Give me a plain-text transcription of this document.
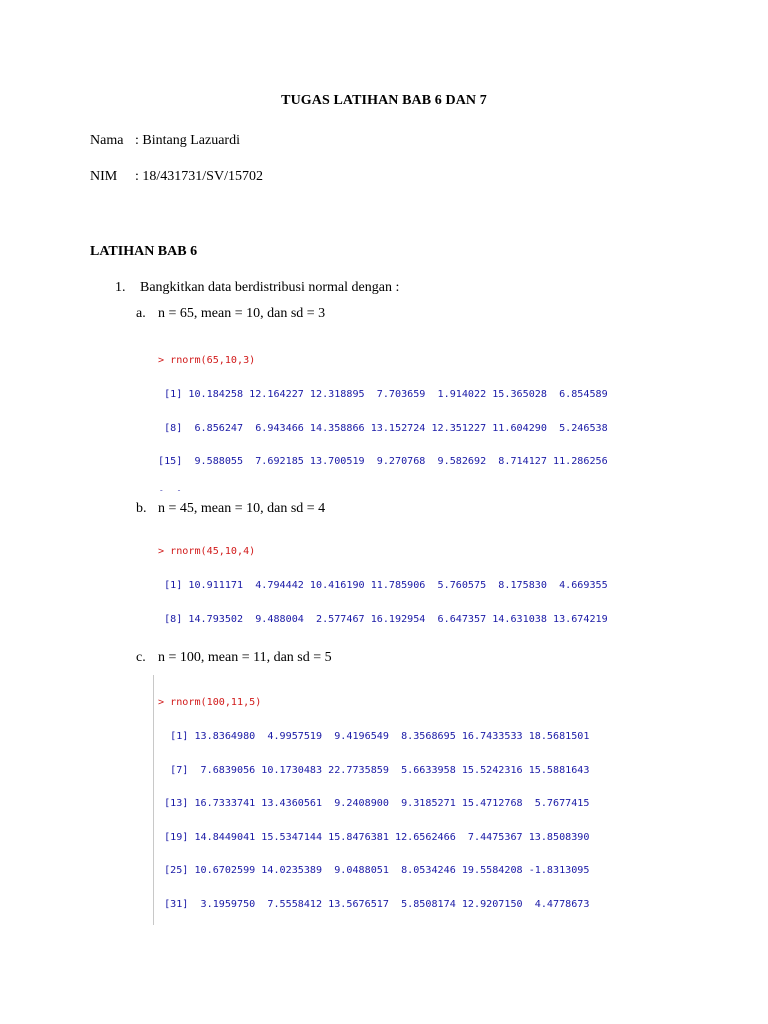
TUGAS LATIHAN BAB 6 DAN 7
Nama : Bintang Lazuardi
NIM : 18/431731/SV/15702
LATIHAN BAB 6
1. Bangkitkan data berdistribusi normal dengan :
a. n = 65, mean = 10, dan sd = 3

> rnorm(65,10,3)

[1] 10.184258 12.164227 12.318895  7.703659  1.914022 15.365028  6.854589

[8]  6.856247  6.943466 14.358866 13.152724 12.351227 11.604290  5.246538

[15]  9.588055  7.692185 13.700519  9.270768  9.582692  8.714127 11.286256

b. n = 45, mean = 10, dan sd = 4

> rnorm(45,10,4)

[1] 10.911171  4.794442 10.416190 11.785906  5.760575  8.175830  4.669355

[8] 14.793502  9.488004  2.577467 16.192954  6.647357 14.631038 13.674219

c. n = 100, mean = 11, dan sd = 5

> rnorm(100,11,5)

[1] 13.8364980  4.9957519  9.4196549  8.3568695 16.7433533 18.5681501

[7]  7.6839056 10.1730483 22.7735859  5.6633958 15.5242316 15.5881643

[13] 16.7333741 13.4360561  9.2408900  9.3185271 15.4712768  5.7677415

[19] 14.8449041 15.5347144 15.8476381 12.6562466  7.4475367 13.8508390

[25] 10.6702599 14.0235389  9.0488051  8.0534246 19.5584208 -1.8313095

[31]  3.1959750  7.5558412 13.5676517  5.8508174 12.9207150  4.4778673
